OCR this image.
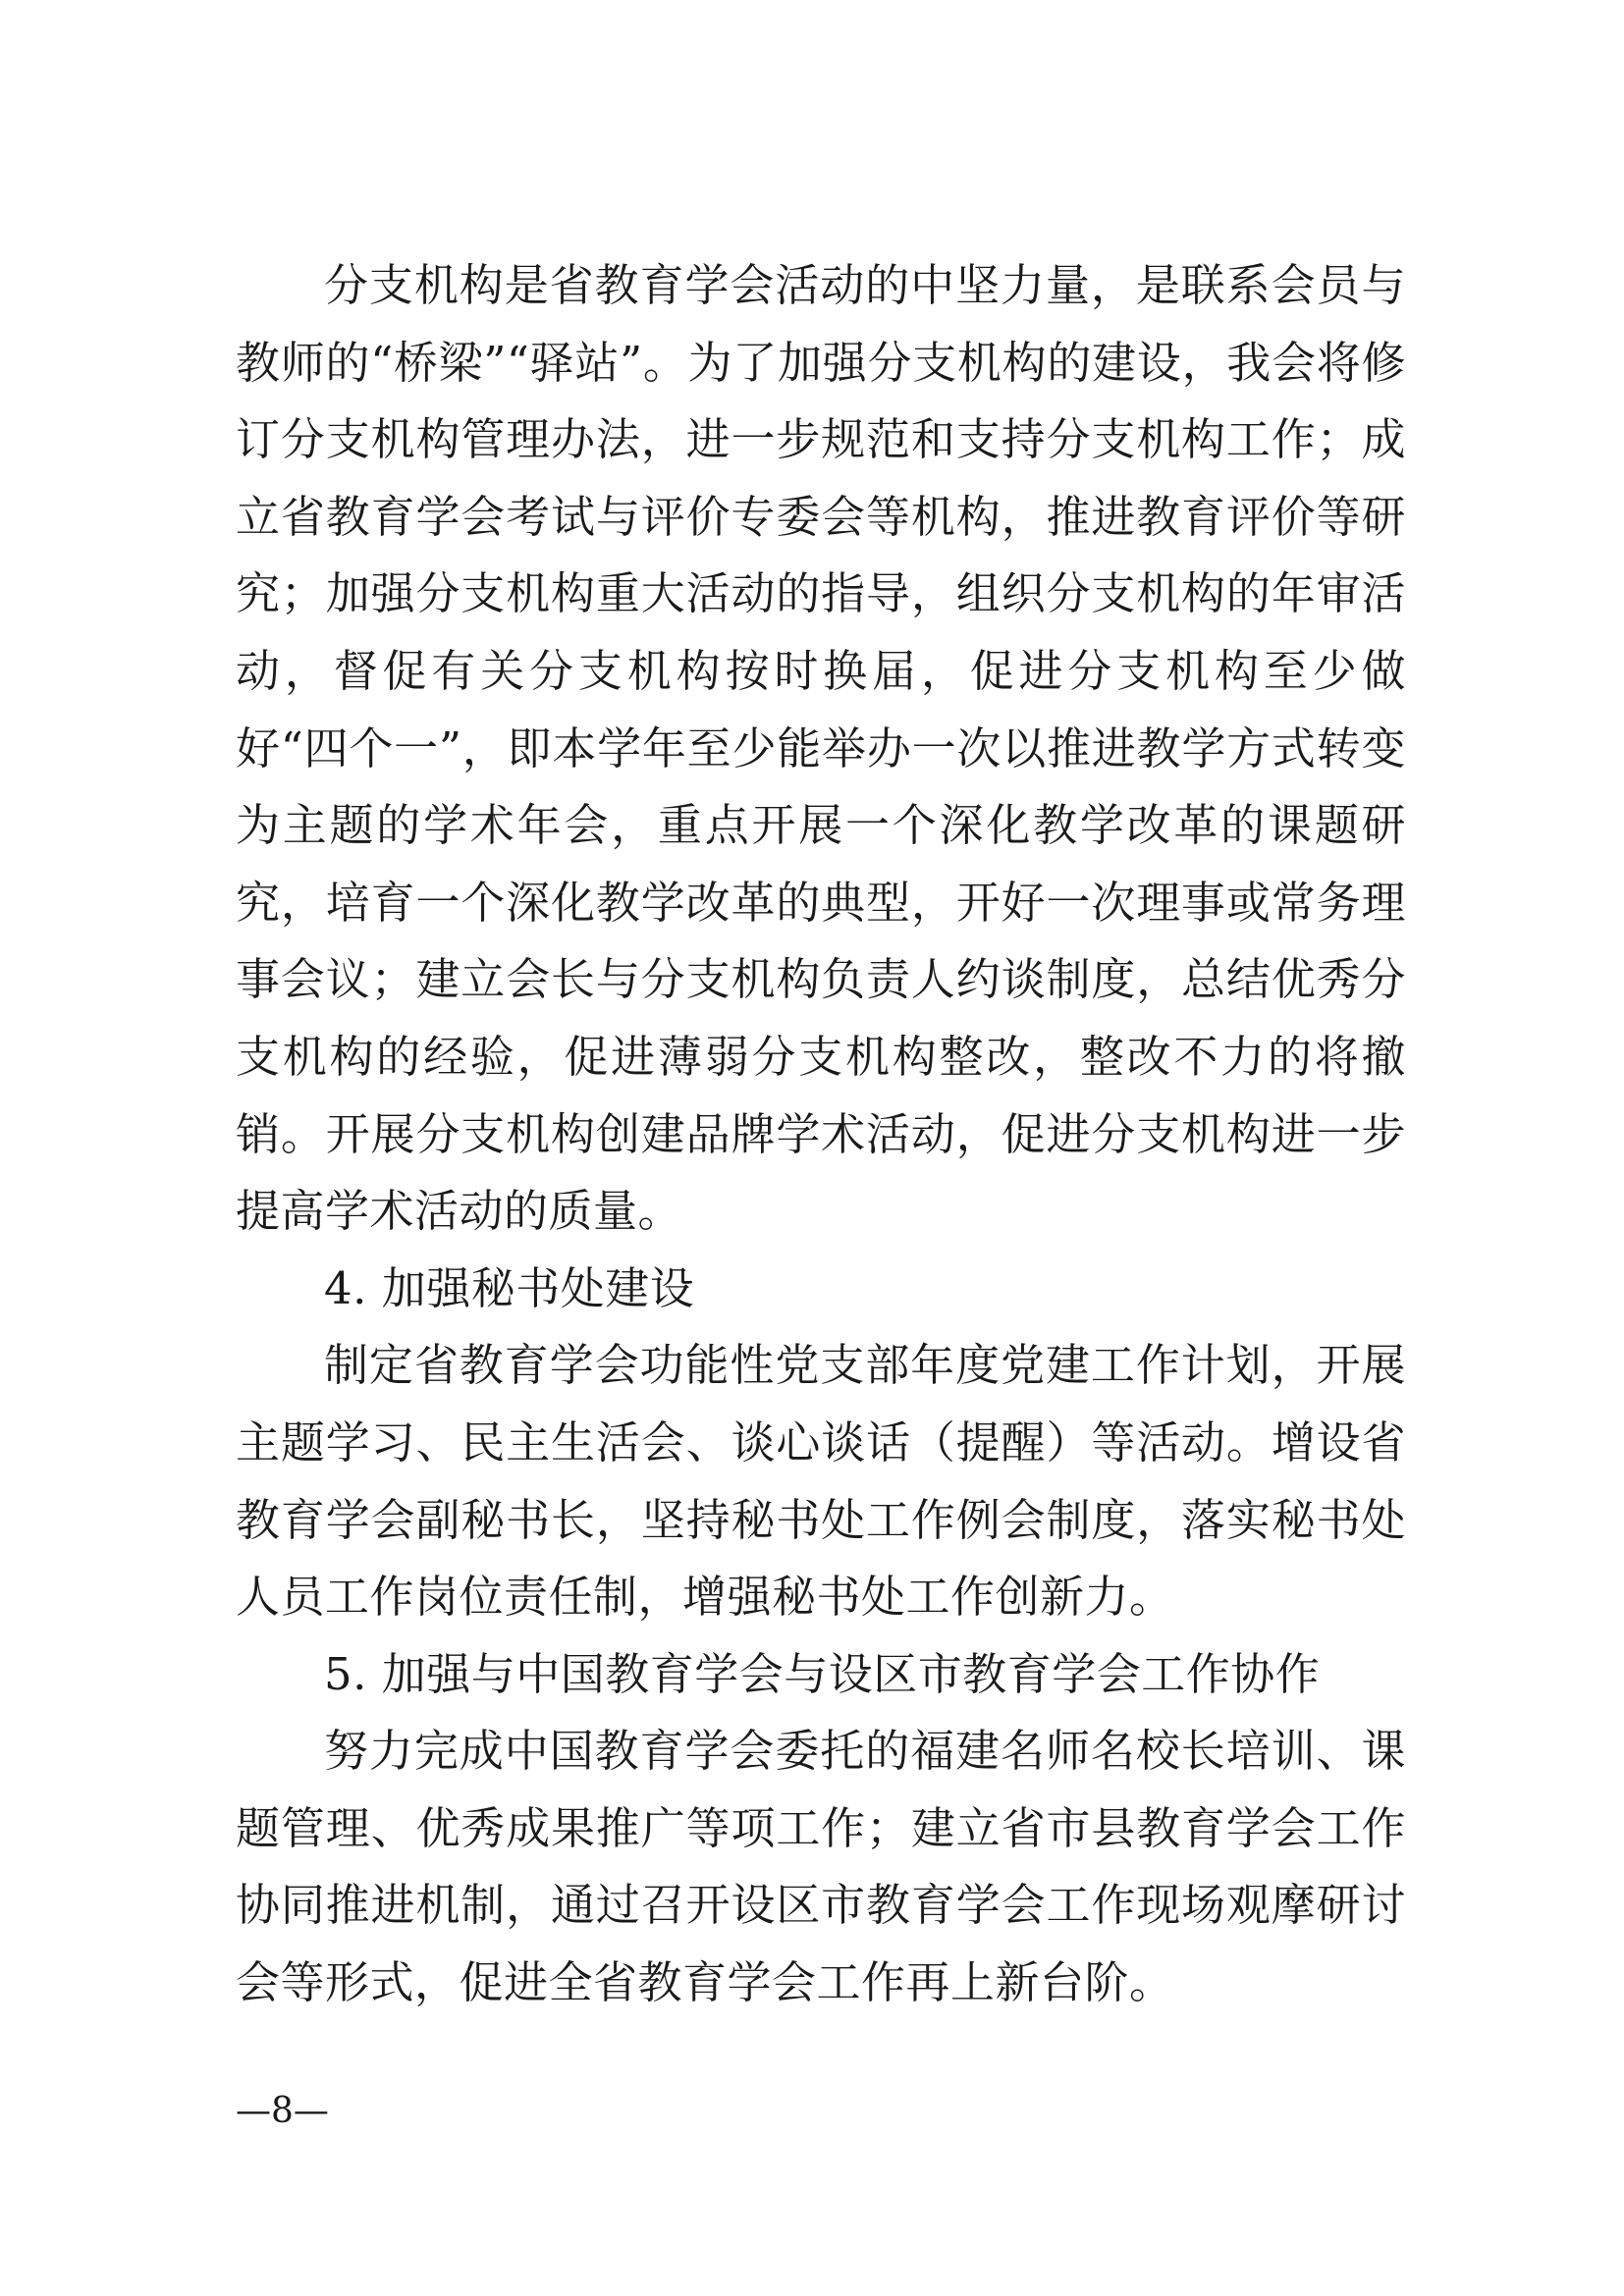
分支机构是省教育学会活动的中坚力量，是联系会员与教师的“桥梁”“驿站”。为了加强分支机构的建设，我会将修订分支机构管理办法，进一步规范和支持分支机构工作；成立省教育学会考试与评价专委会等机构，推进教育评价等研究；加强分支机构重大活动的指导，组织分支机构的年审活动，督促有关分支机构按时换届，促进分支机构至少做好“四个一”，即本学年至少能举办一次以推进教学方式转变为主题的学术年会，重点开展一个深化教学改革的课题研究，培育一个深化教学改革的典型，开好一次理事或常务理事会议；建立会长与分支机构负责人约谈制度，总结优秀分支机构的经验，促进薄弱分支机构整改，整改不力的将撤销。开展分支机构创建品牌学术活动，促进分支机构进一步提高学术活动的质量。

4. 加强秘书处建设

制定省教育学会功能性党支部年度党建工作计划，开展主题学习、民主生活会、谈心谈话（提醒）等活动。增设省教育学会副秘书长，坚持秘书处工作例会制度，落实秘书处人员工作岗位责任制，增强秘书处工作创新力。

5. 加强与中国教育学会与设区市教育学会工作协作

努力完成中国教育学会委托的福建名师名校长培训、课题管理、优秀成果推广等项工作；建立省市县教育学会工作协同推进机制，通过召开设区市教育学会工作现场观摩研讨会等形式，促进全省教育学会工作再上新台阶。

—8—
